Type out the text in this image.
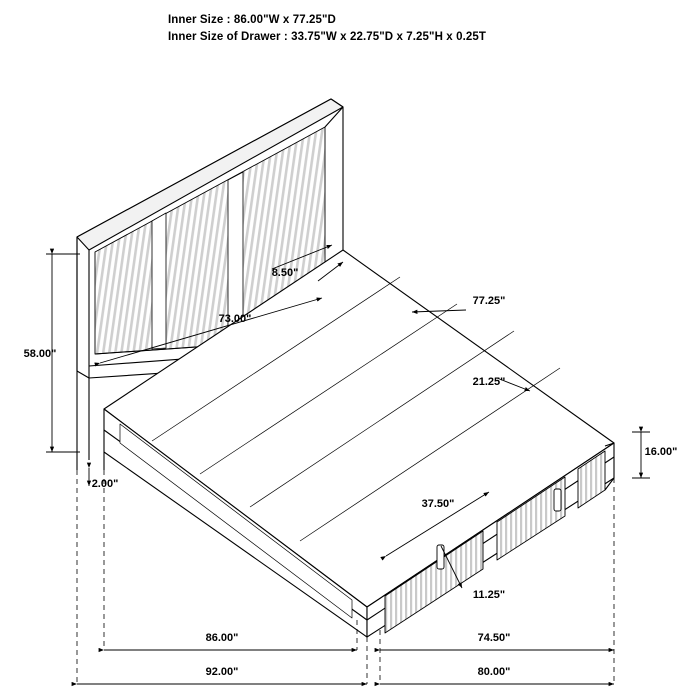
Inner Size : 86.00"W x 77.25"D
Inner Size of Drawer : 33.75"W x 22.75"D x 7.25"H x 0.25T
8.50"
73.00"
77.25"
21.25"
58.00"
16.00"
2.00"
37.50"
11.25"
86.00"	74.50"
92.00"	80.00"
